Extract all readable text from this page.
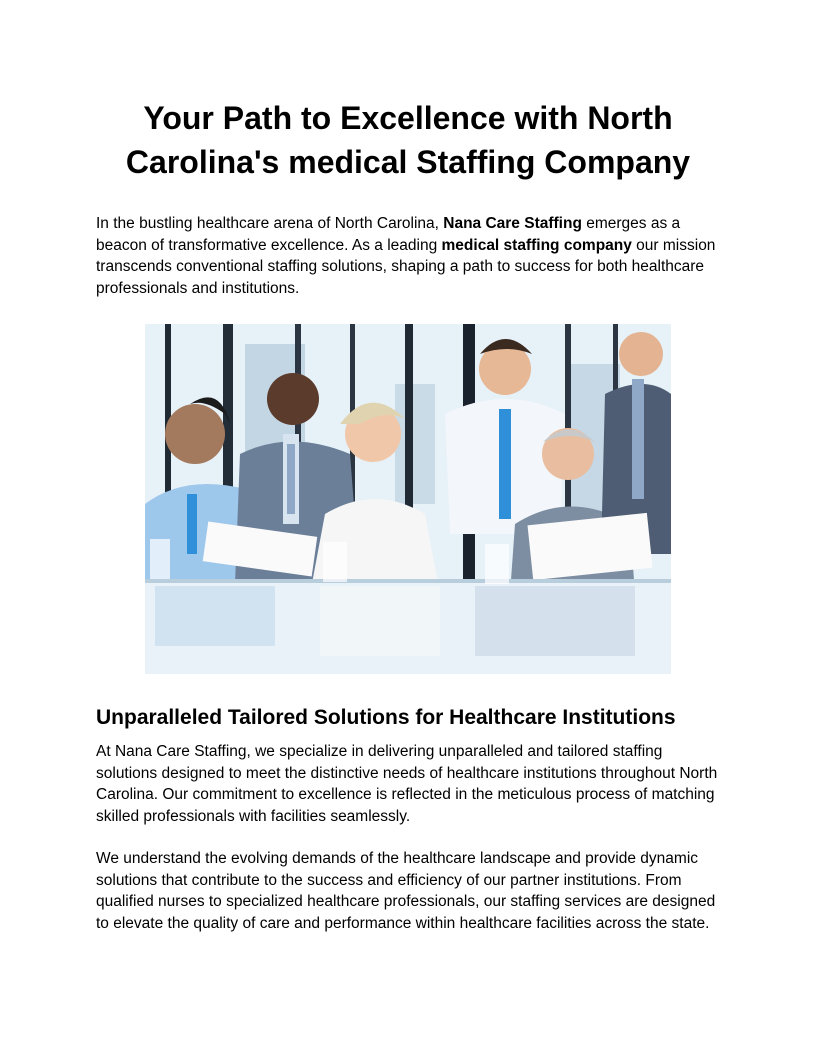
Your Path to Excellence with North Carolina's medical Staffing Company

In the bustling healthcare arena of North Carolina, Nana Care Staffing emerges as a beacon of transformative excellence. As a leading medical staffing company our mission transcends conventional staffing solutions, shaping a path to success for both healthcare professionals and institutions.

Unparalleled Tailored Solutions for Healthcare Institutions

At Nana Care Staffing, we specialize in delivering unparalleled and tailored staffing solutions designed to meet the distinctive needs of healthcare institutions throughout North Carolina. Our commitment to excellence is reflected in the meticulous process of matching skilled professionals with facilities seamlessly.

We understand the evolving demands of the healthcare landscape and provide dynamic solutions that contribute to the success and efficiency of our partner institutions. From qualified nurses to specialized healthcare professionals, our staffing services are designed to elevate the quality of care and performance within healthcare facilities across the state.
